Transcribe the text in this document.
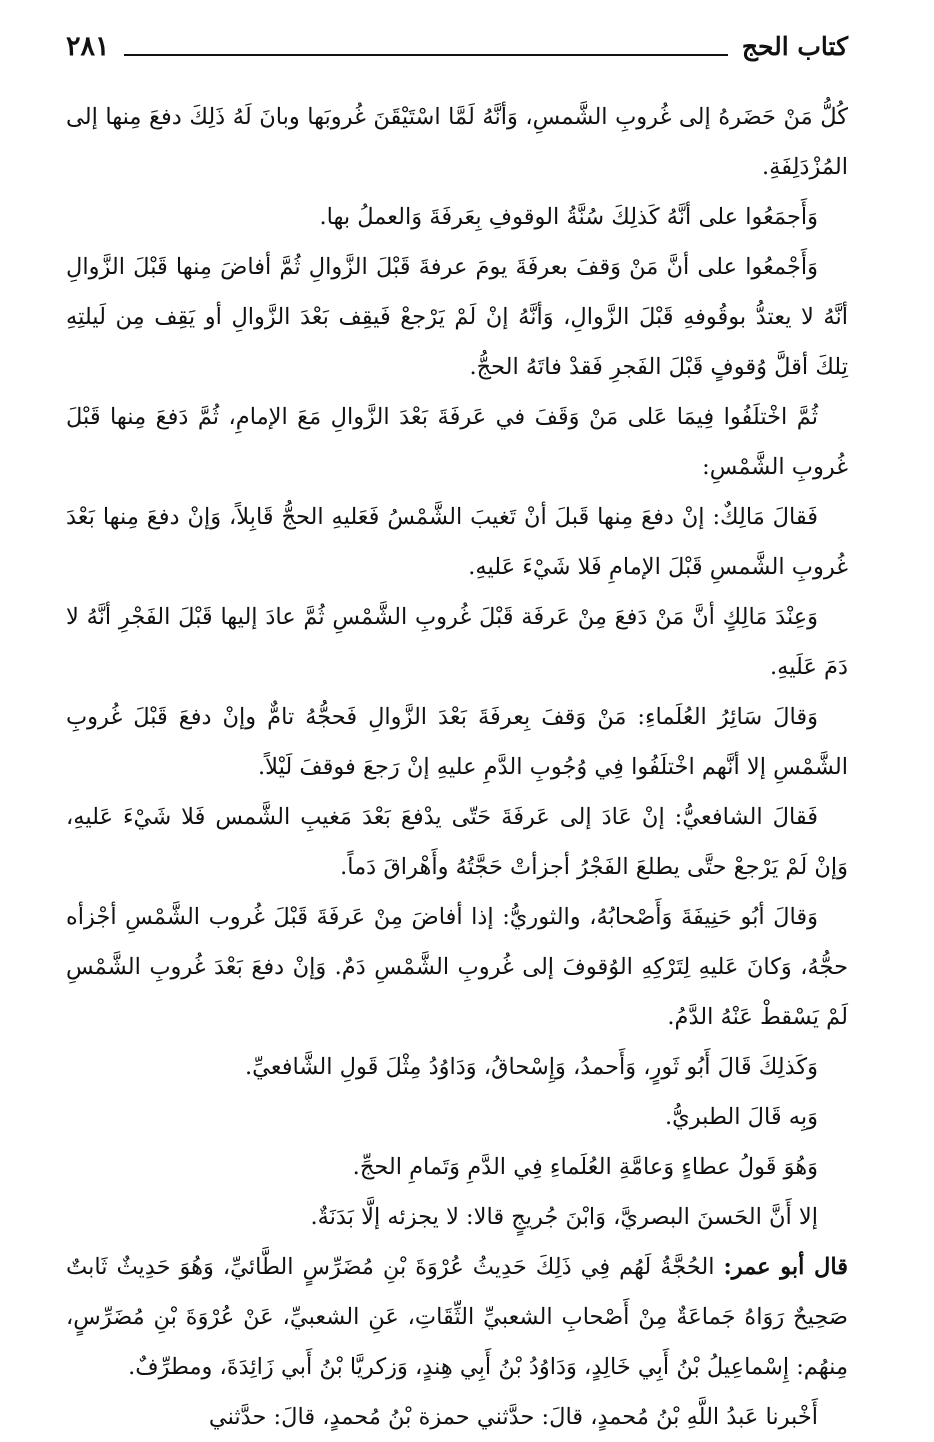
كتاب الحج
٢٨١

كُلُّ مَنْ حَضَرهُ إلى غُروبِ الشَّمسِ، وَأنَّهُ لَمَّا اسْتَيْقَنَ غُروبَها وبانَ لَهُ ذَلِكَ دفعَ مِنها إلى المُزْدَلِفَةِ.

وَأَجمَعُوا على أنَّهُ كَذلِكَ سُنَّةُ الوقوفِ بِعَرفَةَ وَالعملُ بها.

وَأَجْمعُوا على أنَّ مَنْ وَقفَ بعرفَةَ يومَ عرفةَ قَبْلَ الزَّوالِ ثُمَّ أفاضَ مِنها قَبْلَ الزَّوالِ أنَّهُ لا يعتدُّ بوقُوفهِ قَبْلَ الزَّوالِ، وَأنَّهُ إنْ لَمْ يَرْجعْ فَيقِف بَعْدَ الزَّوالِ أو يَقِف مِن لَيلتِهِ تِلكَ أقلَّ وُقوفٍ قَبْلَ الفَجرِ فَقدْ فاتَهُ الحجُّ.

ثُمَّ اخْتلَفُوا فِيمَا عَلى مَنْ وَقَفَ في عَرفَةَ بَعْدَ الزَّوالِ مَعَ الإمامِ، ثُمَّ دَفعَ مِنها قَبْلَ غُروبِ الشَّمْسِ:

فَقالَ مَالِكٌ: إنْ دفعَ مِنها قَبلَ أنْ تَغيبَ الشَّمْسُ فَعَليهِ الحجُّ قَابِلاً، وَإنْ دفعَ مِنها بَعْدَ غُروبِ الشَّمسِ قَبْلَ الإمامِ فَلا شَيْءَ عَليهِ.

وَعِنْدَ مَالِكٍ أنَّ مَنْ دَفعَ مِنْ عَرفَة قَبْلَ غُروبِ الشَّمْسِ ثُمَّ عادَ إليها قَبْلَ الفَجْرِ أنَّهُ لا دَمَ عَلَيهِ.

وَقالَ سَائِرُ العُلَماءِ: مَنْ وَقفَ بِعرفَةَ بَعْدَ الزَّوالِ فَحجُّهُ تامٌّ وإنْ دفعَ قَبْلَ غُروبِ الشَّمْسِ إلا أنَّهم اخْتلَفُوا فِي وُجُوبِ الدَّمِ عليهِ إنْ رَجعَ فوقفَ لَيْلاً.

فَقالَ الشافعيُّ: إنْ عَادَ إلى عَرفَةَ حَتّى يدْفعَ بَعْدَ مَغيبِ الشَّمس فَلا شَيْءَ عَليهِ، وَإنْ لَمْ يَرْجعْ حتَّى يطلعَ الفَجْرُ أجزأتْ حَجَّتُهُ وأَهْراقَ دَماً.

وَقالَ أبُو حَنِيفَةَ وَأَصْحابُهُ، والثوريُّ: إذا أفاضَ مِنْ عَرفَةَ قَبْلَ غُروب الشَّمْسِ أجْزأه حجُّهُ، وَكانَ عَليهِ لِتَرْكِهِ الوُقوفَ إلى غُروبِ الشَّمْسِ دَمٌ. وَإنْ دفعَ بَعْدَ غُروبِ الشَّمْسِ لَمْ يَسْقطْ عَنْهُ الدَّمُ.

وَكَذلِكَ قَالَ أَبُو ثَورٍ، وَأَحمدُ، وَإِسْحاقُ، وَدَاوُدُ مِثْلَ قَولِ الشَّافعيِّ.

وَبِه قَالَ الطبريُّ.

وَهُوَ قَولُ عطاءٍ وَعامَّةِ العُلَماءِ فِي الدَّمِ وَتَمامِ الحجِّ.

إلا أَنَّ الحَسنَ البصريَّ، وَابْنَ جُريجٍ قالا: لا يجزئه إلَّا بَدَنَةٌ.

قال أبو عمر: الحُجَّةُ لَهُم فِي ذَلِكَ حَدِيثُ عُرْوَةَ بْنِ مُضَرِّسٍ الطَّائيِّ، وَهُوَ حَدِيثٌ ثَابتٌ صَحِيحٌ رَوَاهُ جَماعَةٌ مِنْ أَصْحابِ الشعبيِّ الثِّقَاتِ، عَنِ الشعبيِّ، عَنْ عُرْوَةَ بْنِ مُضَرِّسٍ، مِنهُم: إِسْماعِيلُ بْنُ أَبِي خَالِدٍ، وَدَاوُدُ بْنُ أَبِي هِندٍ، وَزكريَّا بْنُ أَبي زَائِدَةَ، ومطرِّفٌ.

أَخْبرنا عَبدُ اللَّهِ بْنُ مُحمدٍ، قالَ: حدَّثني حمزة بْنُ مُحمدٍ، قالَ: حدَّثني
